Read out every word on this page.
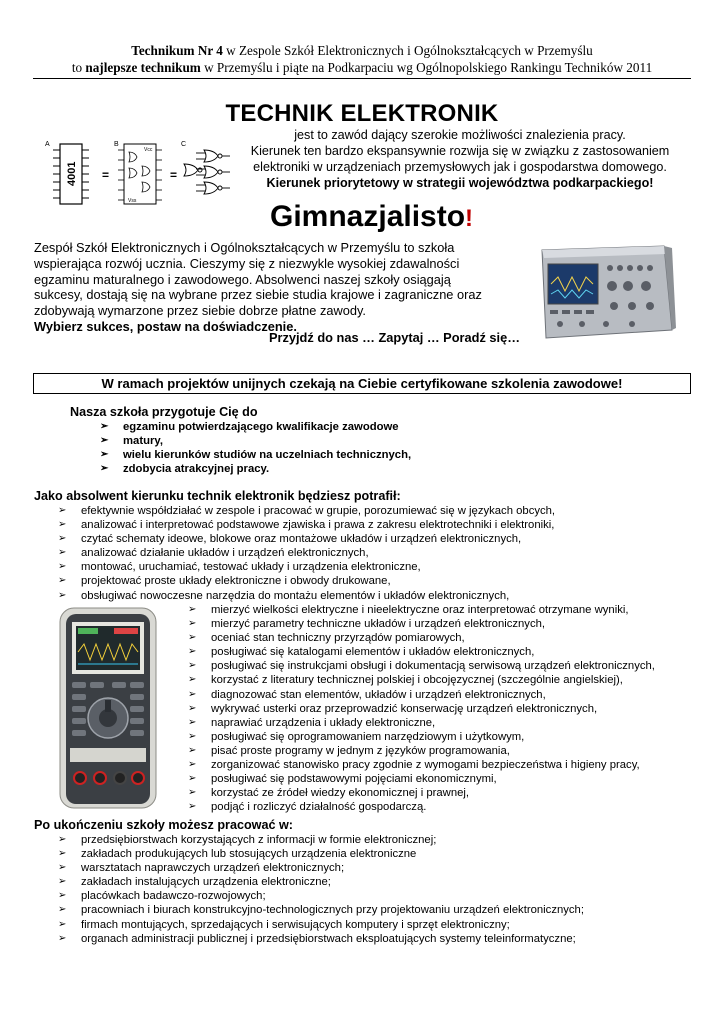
Technikum Nr 4 w Zespole Szkół Elektronicznych i Ogólnokształcących w Przemyślu
to najlepsze technikum w Przemyślu i piąte na Podkarpaciu wg Ogólnopolskiego Rankingu Techników 2011
TECHNIK ELEKTRONIK
A	B	C
4001 =
Vcc
Vss
=
jest to zawód dający szerokie możliwości znalezienia pracy.
Kierunek ten bardzo ekspansywnie rozwija się w związku z zastosowaniem
elektroniki w urządzeniach przemysłowych jak i gospodarstwa domowego.
Kierunek priorytetowy w strategii województwa podkarpackiego!
Gimnazjalisto!
Zespół Szkół Elektronicznych i Ogólnokształcących w Przemyślu to szkoła
wspierająca rozwój ucznia. Cieszymy się z niezwykle wysokiej zdawalności
egzaminu maturalnego i zawodowego. Absolwenci naszej szkoły osiągają
sukcesy, dostają się na wybrane przez siebie studia krajowe i zagraniczne oraz
zdobywają wymarzone przez siebie dobrze płatne zawody.
Wybierz sukces, postaw na doświadczenie.
Przyjdź do nas … Zapytaj … Poradź się…
W ramach projektów unijnych czekają na Ciebie certyfikowane szkolenia zawodowe!
Nasza szkoła przygotuje Cię do
➢ egzaminu potwierdzającego kwalifikacje zawodowe
➢ matury,
➢ wielu kierunków studiów na uczelniach technicznych,
➢ zdobycia atrakcyjnej pracy.
Jako absolwent kierunku technik elektronik będziesz potrafił:
➢ efektywnie współdziałać w zespole i pracować w grupie, porozumiewać się w językach obcych,
➢ analizować i interpretować podstawowe zjawiska i prawa z zakresu elektrotechniki i elektroniki,
➢ czytać schematy ideowe, blokowe oraz montażowe układów i urządzeń elektronicznych,
➢ analizować działanie układów i urządzeń elektronicznych,
➢ montować, uruchamiać, testować układy i urządzenia elektroniczne,
➢ projektować proste układy elektroniczne i obwody drukowane,
➢ obsługiwać nowoczesne narzędzia do montażu elementów i układów elektronicznych,
➢ mierzyć wielkości elektryczne i nieelektryczne oraz interpretować otrzymane wyniki,
➢ mierzyć parametry techniczne układów i urządzeń elektronicznych,
➢ oceniać stan techniczny przyrządów pomiarowych,
➢ posługiwać się katalogami elementów i układów elektronicznych,
➢ posługiwać się instrukcjami obsługi i dokumentacją serwisową urządzeń elektronicznych,
➢ korzystać z literatury technicznej polskiej i obcojęzycznej (szczególnie angielskiej),
➢ diagnozować stan elementów, układów i urządzeń elektronicznych,
➢ wykrywać usterki oraz przeprowadzić konserwację urządzeń elektronicznych,
➢ naprawiać urządzenia i układy elektroniczne,
➢ posługiwać się oprogramowaniem narzędziowym i użytkowym,
➢ pisać proste programy w jednym z języków programowania,
➢ zorganizować stanowisko pracy zgodnie z wymogami bezpieczeństwa i higieny pracy,
➢ posługiwać się podstawowymi pojęciami ekonomicznymi,
➢ korzystać ze źródeł wiedzy ekonomicznej i prawnej,
➢ podjąć i rozliczyć działalność gospodarczą.
Po ukończeniu szkoły możesz pracować w:
➢ przedsiębiorstwach korzystających z informacji w formie elektronicznej;
➢ zakładach produkujących lub stosujących urządzenia elektroniczne
➢ warsztatach naprawczych urządzeń elektronicznych;
➢ zakładach instalujących urządzenia elektroniczne;
➢ placówkach badawczo-rozwojowych;
➢ pracowniach i biurach konstrukcyjno-technologicznych przy projektowaniu urządzeń elektronicznych;
➢ firmach montujących, sprzedających i serwisujących komputery i sprzęt elektroniczny;
➢ organach administracji publicznej i przedsiębiorstwach eksploatujących systemy teleinformatyczne;
